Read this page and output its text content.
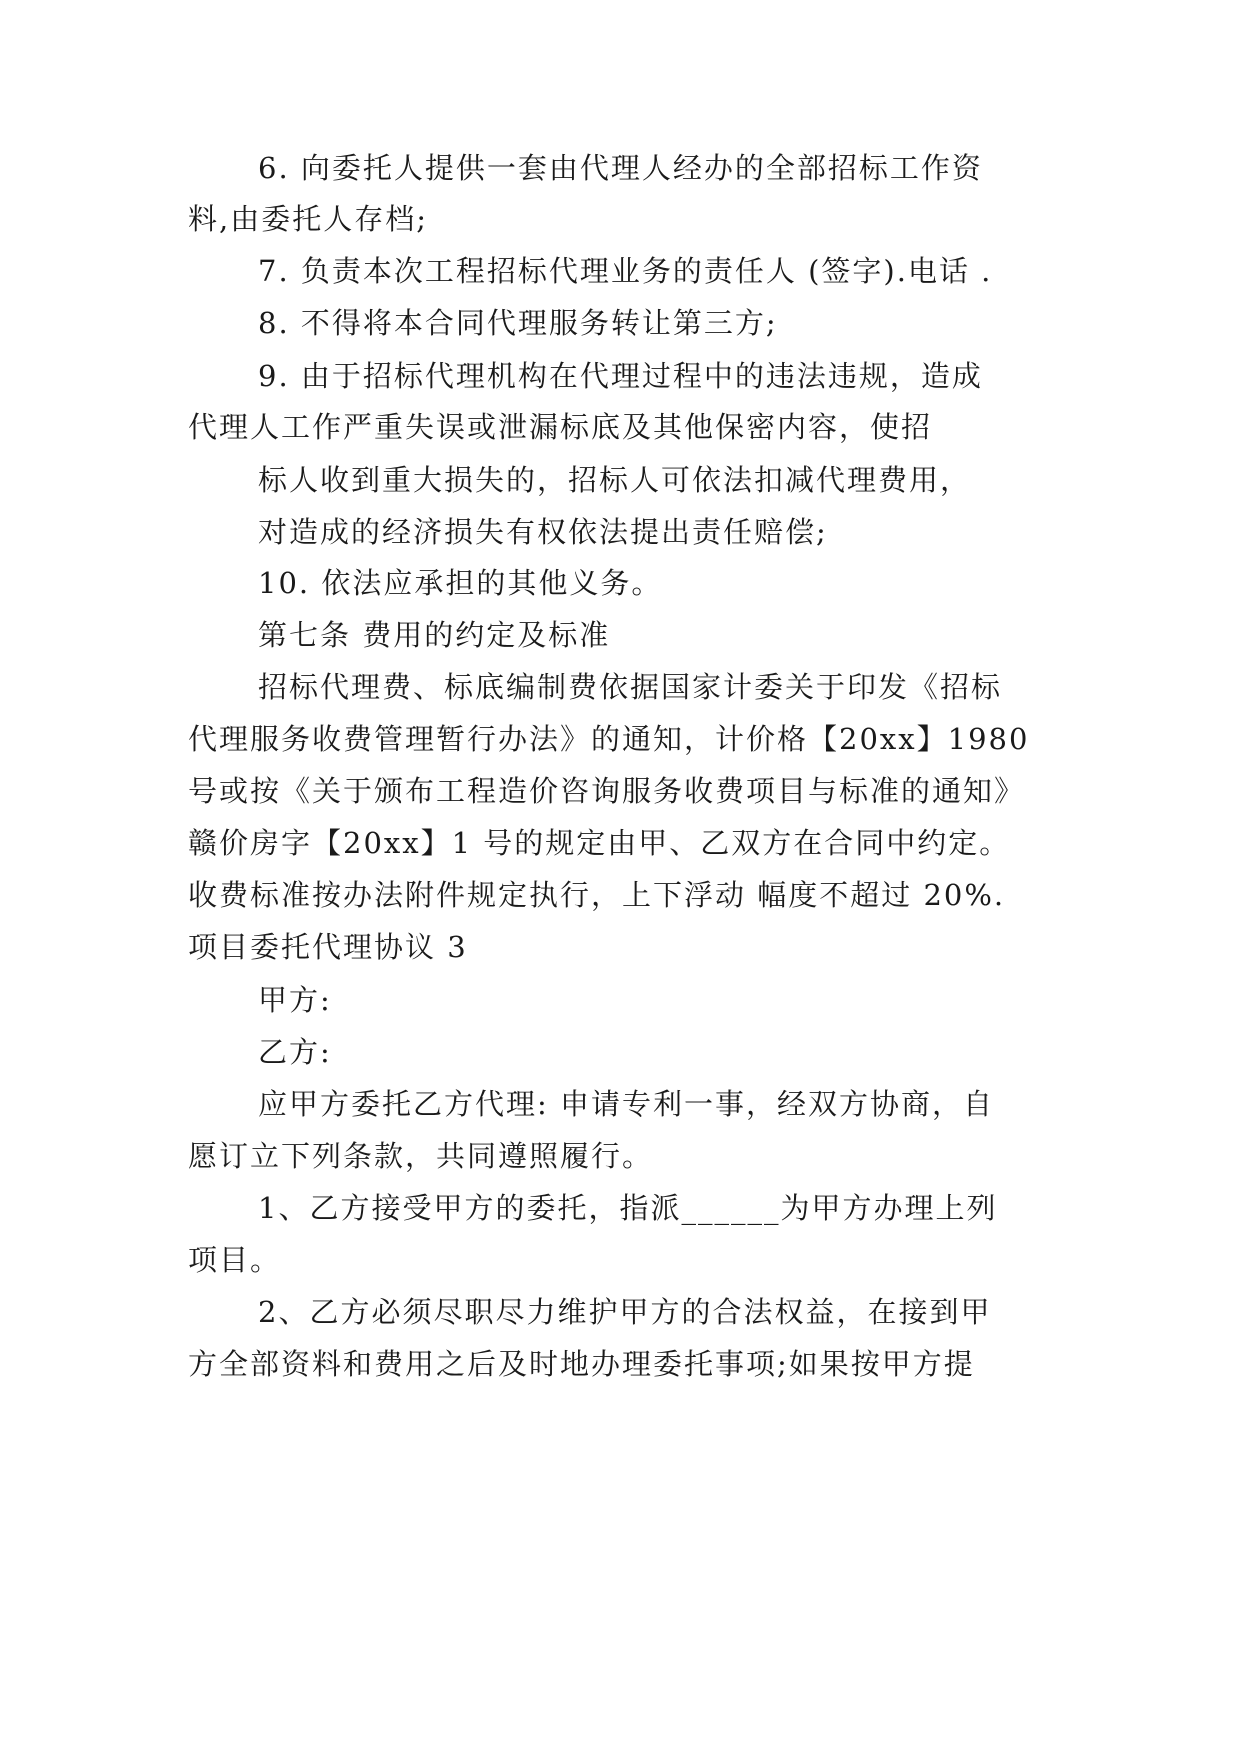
6. 向委托人提供一套由代理人经办的全部招标工作资
料,由委托人存档;
7. 负责本次工程招标代理业务的责任人 (签字).电话 .
8. 不得将本合同代理服务转让第三方;
9. 由于招标代理机构在代理过程中的违法违规，造成
代理人工作严重失误或泄漏标底及其他保密内容，使招
标人收到重大损失的，招标人可依法扣减代理费用，
对造成的经济损失有权依法提出责任赔偿;
10. 依法应承担的其他义务。
第七条 费用的约定及标准
招标代理费、标底编制费依据国家计委关于印发《招标
代理服务收费管理暂行办法》的通知，计价格【20xx】1980
号或按《关于颁布工程造价咨询服务收费项目与标准的通知》
赣价房字【20xx】1 号的规定由甲、乙双方在合同中约定。
收费标准按办法附件规定执行，上下浮动 幅度不超过 20%.
项目委托代理协议 3
甲方:
乙方:
应甲方委托乙方代理: 申请专利一事，经双方协商，自
愿订立下列条款，共同遵照履行。
1、乙方接受甲方的委托，指派______为甲方办理上列
项目。
2、乙方必须尽职尽力维护甲方的合法权益，在接到甲
方全部资料和费用之后及时地办理委托事项;如果按甲方提
